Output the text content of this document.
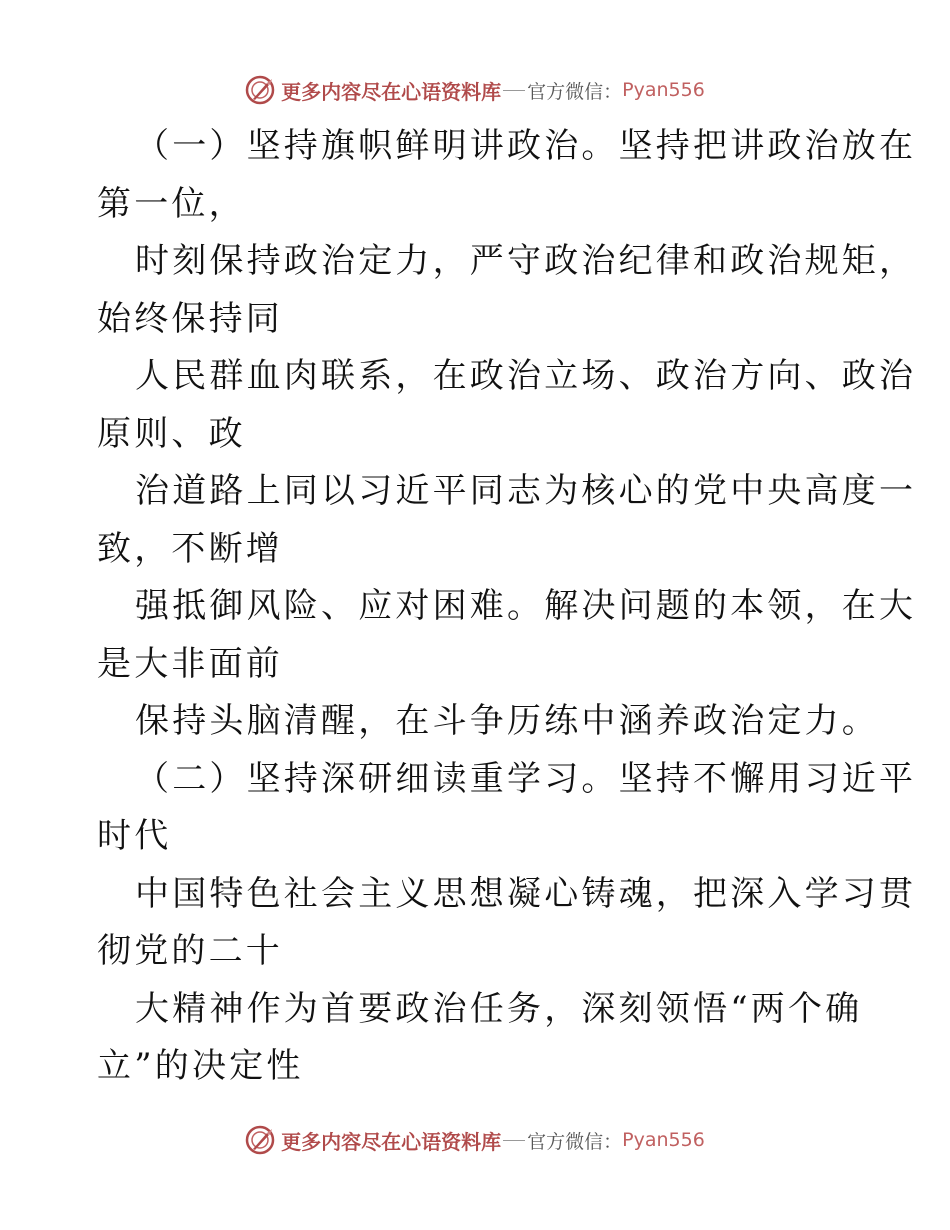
更多内容尽在心语资料库 官方微信： Pyan556
（一）坚持旗帜鲜明讲政治。坚持把讲政治放在
第一位，
时刻保持政治定力，严守政治纪律和政治规矩，
始终保持同
人民群血肉联系，在政治立场、政治方向、政治
原则、政
治道路上同以习近平同志为核心的党中央高度一
致，不断增
强抵御风险、应对困难。解决问题的本领，在大
是大非面前
保持头脑清醒，在斗争历练中涵养政治定力。
（二）坚持深研细读重学习。坚持不懈用习近平
时代
中国特色社会主义思想凝心铸魂，把深入学习贯
彻党的二十
大精神作为首要政治任务，深刻领悟“两个确
立”的决定性
更多内容尽在心语资料库 官方微信： Pyan556
